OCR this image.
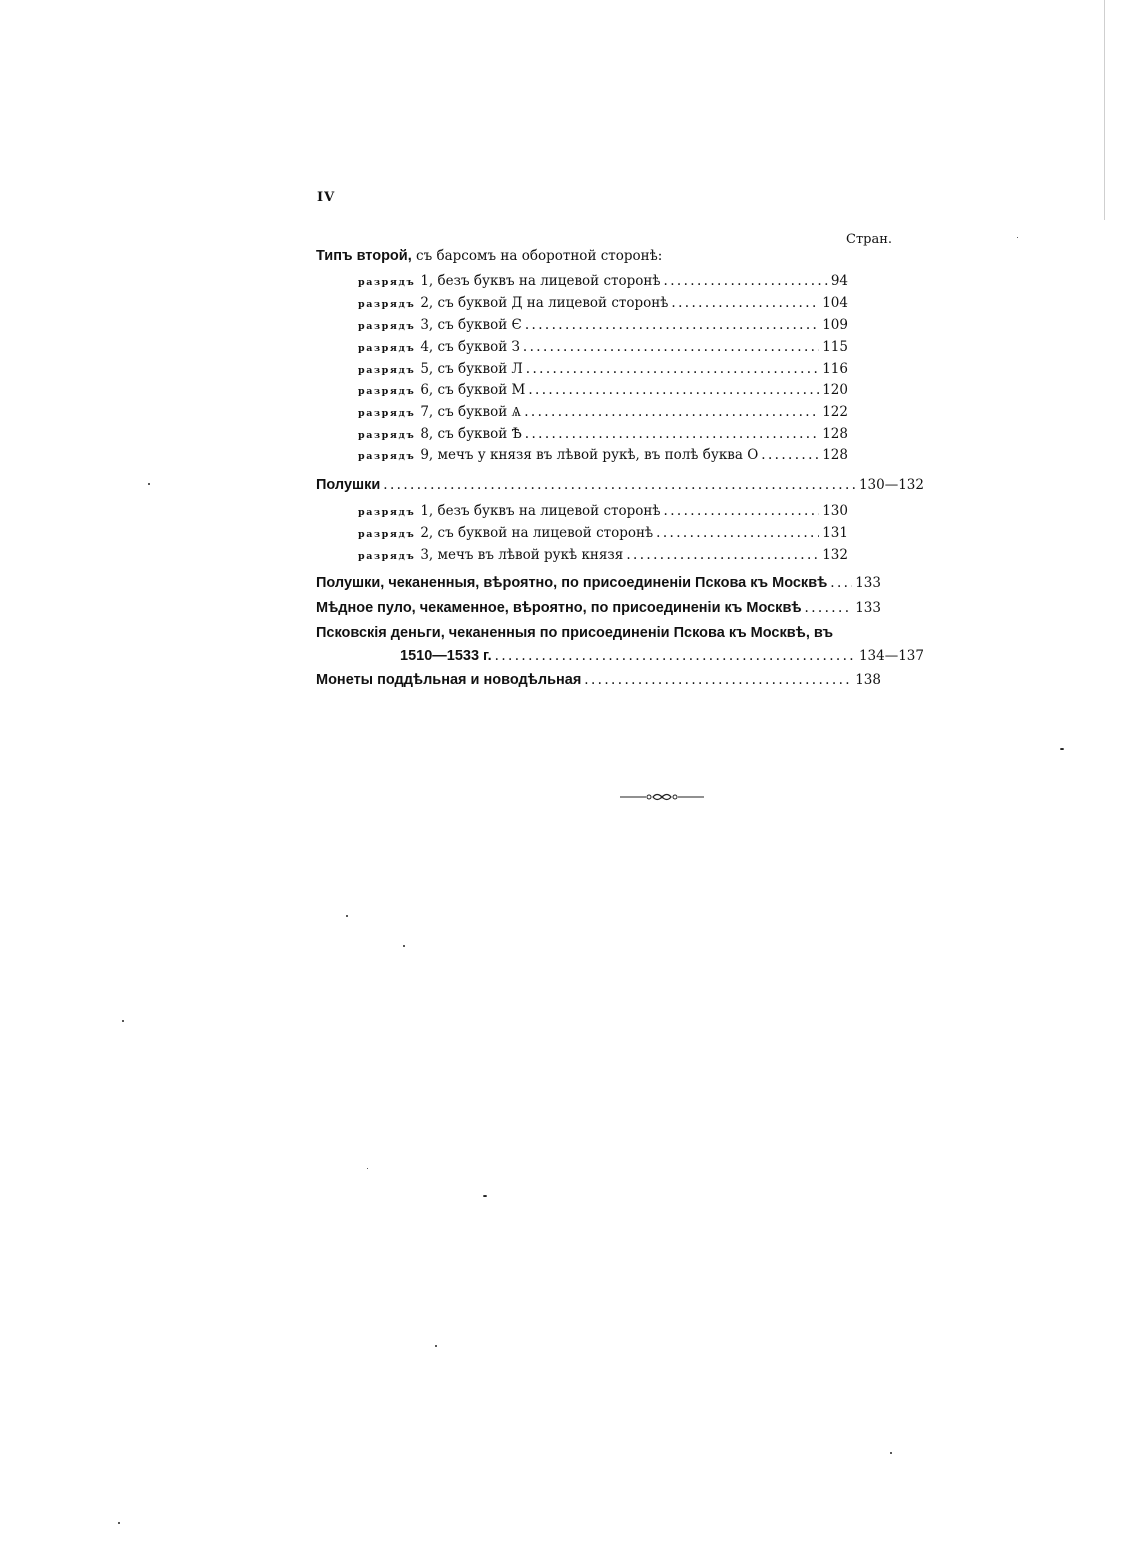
IV
Стран.
Типъ второй, съ барсомъ на оборотной сторонѣ:
разрядъ 1, безъ буквъ на лицевой сторонѣ .....	94
разрядъ 2, съ буквой Д на лицевой сторонѣ .....	104
разрядъ 3, съ буквой Є .....	109
разрядъ 4, съ буквой З .....	115
разрядъ 5, съ буквой Л .....	116
разрядъ 6, съ буквой М .....	120
разрядъ 7, съ буквой Ѧ .....	122
разрядъ 8, съ буквой Ѣ .....	128
разрядъ 9, мечъ у князя въ лѣвой рукѣ, въ полѣ буква О .....	128
Полушки .....	130—132
разрядъ 1, безъ буквъ на лицевой сторонѣ .....	130
разрядъ 2, съ буквой на лицевой сторонѣ .....	131
разрядъ 3, мечъ въ лѣвой рукѣ князя .....	132
Полушки, чеканенныя, вѣроятно, по присоединеніи Пскова къ Москвѣ ..... 133
Мѣдное пуло, чекаменное, вѣроятно, по присоединеніи къ Москвѣ .....	133
Псковскія деньги, чеканенныя по присоединеніи Пскова къ Москвѣ, въ
1510—1533 г. .....	134—137
Монеты поддѣльная и новодѣльная .....	138
